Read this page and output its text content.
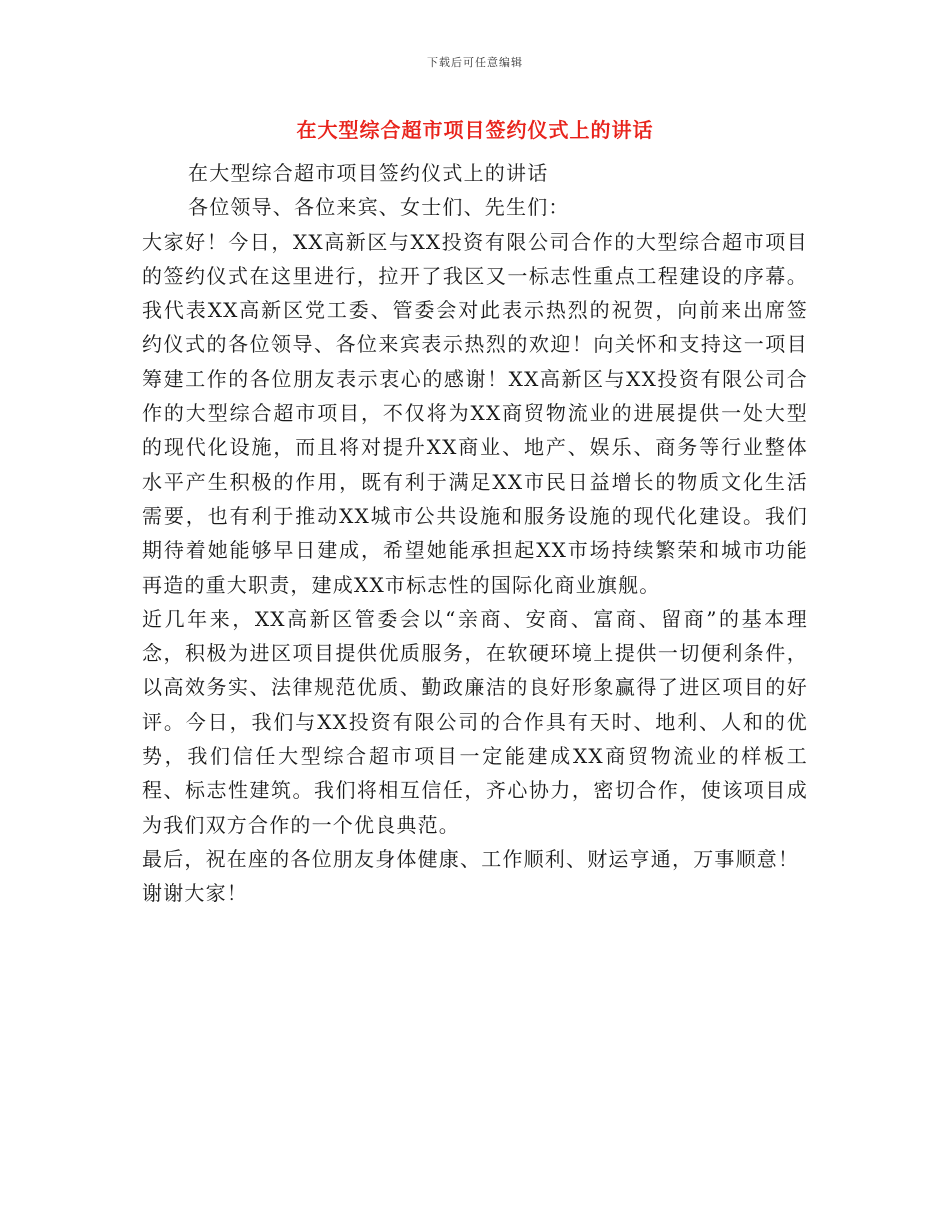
下载后可任意编辑
在大型综合超市项目签约仪式上的讲话

在大型综合超市项目签约仪式上的讲话

各位领导、各位来宾、女士们、先生们：

大家好！今日，XX高新区与XX投资有限公司合作的大型综合超市项目的签约仪式在这里进行，拉开了我区又一标志性重点工程建设的序幕。我代表XX高新区党工委、管委会对此表示热烈的祝贺，向前来出席签约仪式的各位领导、各位来宾表示热烈的欢迎！向关怀和支持这一项目筹建工作的各位朋友表示衷心的感谢！XX高新区与XX投资有限公司合作的大型综合超市项目，不仅将为XX商贸物流业的进展提供一处大型的现代化设施，而且将对提升XX商业、地产、娱乐、商务等行业整体水平产生积极的作用，既有利于满足XX市民日益增长的物质文化生活需要，也有利于推动XX城市公共设施和服务设施的现代化建设。我们期待着她能够早日建成，希望她能承担起XX市场持续繁荣和城市功能再造的重大职责，建成XX市标志性的国际化商业旗舰。

近几年来，XX高新区管委会以“亲商、安商、富商、留商”的基本理念，积极为进区项目提供优质服务，在软硬环境上提供一切便利条件，以高效务实、法律规范优质、勤政廉洁的良好形象赢得了进区项目的好评。今日，我们与XX投资有限公司的合作具有天时、地利、人和的优势，我们信任大型综合超市项目一定能建成XX商贸物流业的样板工程、标志性建筑。我们将相互信任，齐心协力，密切合作，使该项目成为我们双方合作的一个优良典范。

最后，祝在座的各位朋友身体健康、工作顺利、财运亨通，万事顺意！

谢谢大家！
